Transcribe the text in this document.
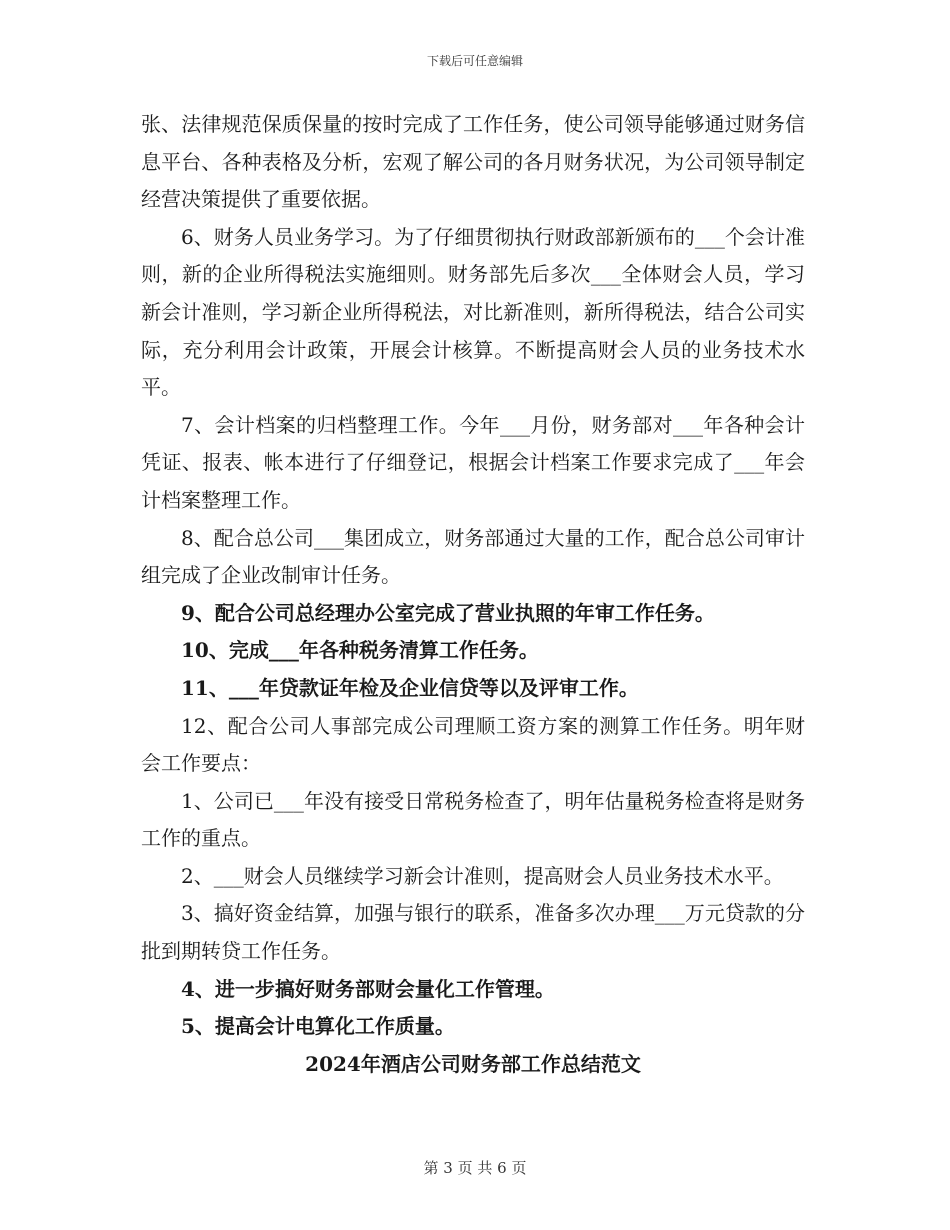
下载后可任意编辑

张、法律规范保质保量的按时完成了工作任务，使公司领导能够通过财务信息平台、各种表格及分析，宏观了解公司的各月财务状况，为公司领导制定经营决策提供了重要依据。

6、财务人员业务学习。为了仔细贯彻执行财政部新颁布的___个会计准则，新的企业所得税法实施细则。财务部先后多次___全体财会人员，学习新会计准则，学习新企业所得税法，对比新准则，新所得税法，结合公司实际，充分利用会计政策，开展会计核算。不断提高财会人员的业务技术水平。

7、会计档案的归档整理工作。今年___月份，财务部对___年各种会计凭证、报表、帐本进行了仔细登记，根据会计档案工作要求完成了___年会计档案整理工作。

8、配合总公司___集团成立，财务部通过大量的工作，配合总公司审计组完成了企业改制审计任务。

9、配合公司总经理办公室完成了营业执照的年审工作任务。

10、完成___年各种税务清算工作任务。

11、___年贷款证年检及企业信贷等以及评审工作。

12、配合公司人事部完成公司理顺工资方案的测算工作任务。明年财会工作要点：

1、公司已___年没有接受日常税务检查了，明年估量税务检查将是财务工作的重点。

2、___财会人员继续学习新会计准则，提高财会人员业务技术水平。

3、搞好资金结算，加强与银行的联系，准备多次办理___万元贷款的分批到期转贷工作任务。

4、进一步搞好财务部财会量化工作管理。

5、提高会计电算化工作质量。

2024年酒店公司财务部工作总结范文

第 3 页 共 6 页
